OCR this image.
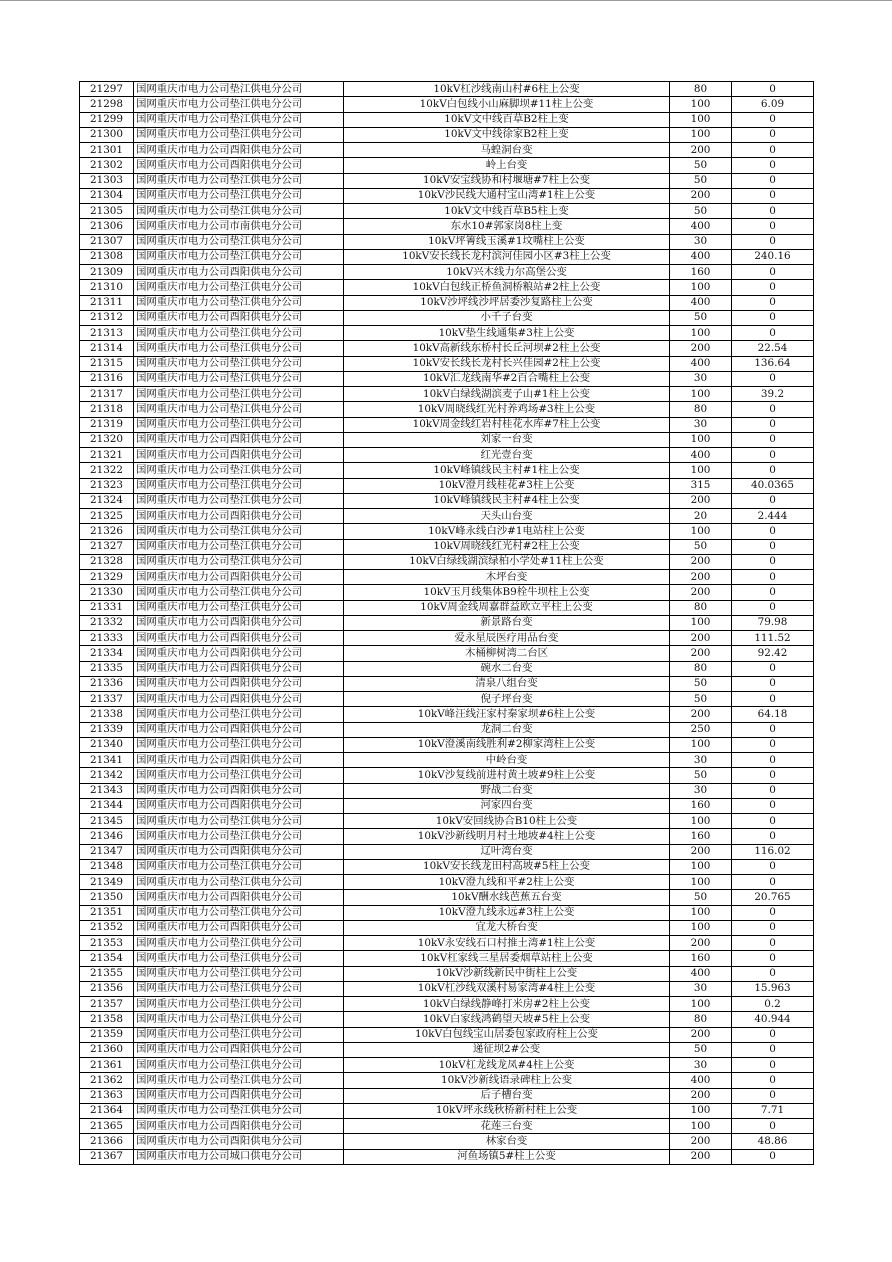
21297	国网重庆市电力公司垫江供电分公司	10kV杠沙线南山村#6柱上公变	80	0
21298	国网重庆市电力公司垫江供电分公司	10kV白包线小山麻脚坝#11柱上公变	100	6.09
21299	国网重庆市电力公司垫江供电分公司	10kV文中线百草B2柱上变	100	0
21300	国网重庆市电力公司垫江供电分公司	10kV文中线徐家B2柱上变	100	0
21301	国网重庆市电力公司酉阳供电分公司	马蝗洞台变	200	0
21302	国网重庆市电力公司酉阳供电分公司	岭上台变	50	0
21303	国网重庆市电力公司垫江供电分公司	10kV安宝线协和村堰塘#7柱上公变	50	0
21304	国网重庆市电力公司垫江供电分公司	10kV沙民线大通村宝山湾#1柱上公变	200	0
21305	国网重庆市电力公司垫江供电分公司	10kV文中线百草B5柱上变	50	0
21306	国网重庆市电力公司市南供电分公司	东水10#郭家岗8柱上变	400	0
21307	国网重庆市电力公司垫江供电分公司	10kV坪箐线玉溪#1坟嘴柱上公变	30	0
21308	国网重庆市电力公司垫江供电分公司	10kV安长线长龙村滨河佳园小区#3柱上公变	400	240.16
21309	国网重庆市电力公司酉阳供电分公司	10kV兴木线力尔高堡公变	160	0
21310	国网重庆市电力公司垫江供电分公司	10kV白包线正桥鱼洞桥粮站#2柱上公变	100	0
21311	国网重庆市电力公司垫江供电分公司	10kV沙坪线沙坪居委沙复路柱上公变	400	0
21312	国网重庆市电力公司酉阳供电分公司	小千子台变	50	0
21313	国网重庆市电力公司垫江供电分公司	10kV垫生线通集#3柱上公变	100	0
21314	国网重庆市电力公司垫江供电分公司	10kV高新线东桥村长丘河坝#2柱上公变	200	22.54
21315	国网重庆市电力公司垫江供电分公司	10kV安长线长龙村长兴佳园#2柱上公变	400	136.64
21316	国网重庆市电力公司垫江供电分公司	10kV汇龙线南华#2百合嘴柱上公变	30	0
21317	国网重庆市电力公司垫江供电分公司	10kV白绿线湖滨麦子山#1柱上公变	100	39.2
21318	国网重庆市电力公司垫江供电分公司	10kV周晓线红光村养鸡场#3柱上公变	80	0
21319	国网重庆市电力公司垫江供电分公司	10kV周金线红岩村桂花水库#7柱上公变	30	0
21320	国网重庆市电力公司酉阳供电分公司	刘家一台变	100	0
21321	国网重庆市电力公司酉阳供电分公司	红光壹台变	400	0
21322	国网重庆市电力公司垫江供电分公司	10kV峰镇线民主村#1柱上公变	100	0
21323	国网重庆市电力公司垫江供电分公司	10kV澄月线桂花#3柱上公变	315	40.0365
21324	国网重庆市电力公司垫江供电分公司	10kV峰镇线民主村#4柱上公变	200	0
21325	国网重庆市电力公司酉阳供电分公司	天头山台变	20	2.444
21326	国网重庆市电力公司垫江供电分公司	10kV峰永线白沙#1电站柱上公变	100	0
21327	国网重庆市电力公司垫江供电分公司	10kV周晓线红光村#2柱上公变	50	0
21328	国网重庆市电力公司垫江供电分公司	10kV白绿线湖滨绿柏小学处#11柱上公变	200	0
21329	国网重庆市电力公司酉阳供电分公司	木坪台变	200	0
21330	国网重庆市电力公司垫江供电分公司	10kV玉月线集体B9栓牛坝柱上公变	200	0
21331	国网重庆市电力公司垫江供电分公司	10kV周金线周嘉群益欧立平柱上公变	80	0
21332	国网重庆市电力公司酉阳供电分公司	新景路台变	100	79.98
21333	国网重庆市电力公司酉阳供电分公司	爱永星辰医疗用品台变	200	111.52
21334	国网重庆市电力公司酉阳供电分公司	木桶柳树湾二台区	200	92.42
21335	国网重庆市电力公司酉阳供电分公司	碗水二台变	80	0
21336	国网重庆市电力公司酉阳供电分公司	清泉八组台变	50	0
21337	国网重庆市电力公司酉阳供电分公司	倪子坪台变	50	0
21338	国网重庆市电力公司垫江供电分公司	10kV峰汪线汪家村秦家坝#6柱上公变	200	64.18
21339	国网重庆市电力公司酉阳供电分公司	龙洞二台变	250	0
21340	国网重庆市电力公司垫江供电分公司	10kV澄溪南线胜利#2柳家湾柱上公变	100	0
21341	国网重庆市电力公司酉阳供电分公司	中岭台变	30	0
21342	国网重庆市电力公司垫江供电分公司	10kV沙复线前进村黄土坡#9柱上公变	50	0
21343	国网重庆市电力公司酉阳供电分公司	野战二台变	30	0
21344	国网重庆市电力公司酉阳供电分公司	河家四台变	160	0
21345	国网重庆市电力公司垫江供电分公司	10kV安回线协合B10柱上公变	100	0
21346	国网重庆市电力公司垫江供电分公司	10kV沙新线明月村土地坡#4柱上公变	160	0
21347	国网重庆市电力公司酉阳供电分公司	辽叶湾台变	200	116.02
21348	国网重庆市电力公司垫江供电分公司	10kV安长线龙田村高坡#5柱上公变	100	0
21349	国网重庆市电力公司垫江供电分公司	10kV澄九线和平#2柱上公变	100	0
21350	国网重庆市电力公司酉阳供电分公司	10kV酬水线芭蕉五台变	50	20.765
21351	国网重庆市电力公司垫江供电分公司	10kV澄九线永远#3柱上公变	100	0
21352	国网重庆市电力公司酉阳供电分公司	宜龙大桥台变	100	0
21353	国网重庆市电力公司垫江供电分公司	10kV永安线石口村推土湾#1柱上公变	200	0
21354	国网重庆市电力公司垫江供电分公司	10kV杠家线三星居委烟草站柱上公变	160	0
21355	国网重庆市电力公司垫江供电分公司	10kV沙新线新民中街柱上公变	400	0
21356	国网重庆市电力公司垫江供电分公司	10kV杠沙线双溪村易家湾#4柱上公变	30	15.963
21357	国网重庆市电力公司垫江供电分公司	10kV白绿线静峰打米房#2柱上公变	100	0.2
21358	国网重庆市电力公司垫江供电分公司	10kV白家线鸿鹤望天坡#5柱上公变	80	40.944
21359	国网重庆市电力公司垫江供电分公司	10kV白包线宝山居委包家政府柱上公变	200	0
21360	国网重庆市电力公司酉阳供电分公司	递征坝2#公变	50	0
21361	国网重庆市电力公司垫江供电分公司	10kV杠龙线龙凤#4柱上公变	30	0
21362	国网重庆市电力公司垫江供电分公司	10kV沙新线语录碑柱上公变	400	0
21363	国网重庆市电力公司酉阳供电分公司	后子槽台变	200	0
21364	国网重庆市电力公司垫江供电分公司	10kV坪永线秋桥新村柱上公变	100	7.71
21365	国网重庆市电力公司酉阳供电分公司	花莲三台变	100	0
21366	国网重庆市电力公司酉阳供电分公司	林家台变	200	48.86
21367	国网重庆市电力公司城口供电分公司	河鱼场镇5#柱上公变	200	0
